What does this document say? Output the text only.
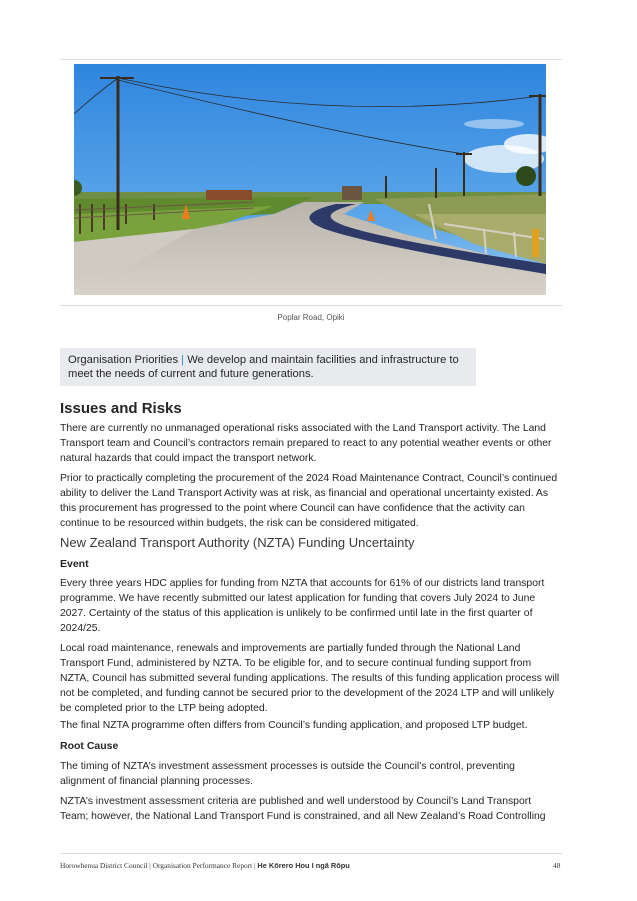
Poplar Road, Opiki
Organisation Priorities | We develop and maintain facilities and infrastructure to meet the needs of current and future generations.
Issues and Risks

There are currently no unmanaged operational risks associated with the Land Transport activity. The Land Transport team and Council’s contractors remain prepared to react to any potential weather events or other natural hazards that could impact the transport network.

Prior to practically completing the procurement of the 2024 Road Maintenance Contract, Council’s continued ability to deliver the Land Transport Activity was at risk, as financial and operational uncertainty existed. As this procurement has progressed to the point where Council can have confidence that the activity can continue to be resourced within budgets, the risk can be considered mitigated.

New Zealand Transport Authority (NZTA) Funding Uncertainty
Event

Every three years HDC applies for funding from NZTA that accounts for 61% of our districts land transport programme. We have recently submitted our latest application for funding that covers July 2024 to June 2027. Certainty of the status of this application is unlikely to be confirmed until late in the first quarter of 2024/25.

Local road maintenance, renewals and improvements are partially funded through the National Land Transport Fund, administered by NZTA. To be eligible for, and to secure continual funding support from NZTA, Council has submitted several funding applications. The results of this funding application process will not be completed, and funding cannot be secured prior to the development of the 2024 LTP and will unlikely be completed prior to the LTP being adopted.

The final NZTA programme often differs from Council’s funding application, and proposed LTP budget.

Root Cause

The timing of NZTA’s investment assessment processes is outside the Council’s control, preventing alignment of financial planning processes.

NZTA’s investment assessment criteria are published and well understood by Council’s Land Transport Team; however, the National Land Transport Fund is constrained, and all New Zealand’s Road Controlling

Horowhenua District Council | Organisation Performance Report | He Kōrero Hou I ngā Rōpu	48
